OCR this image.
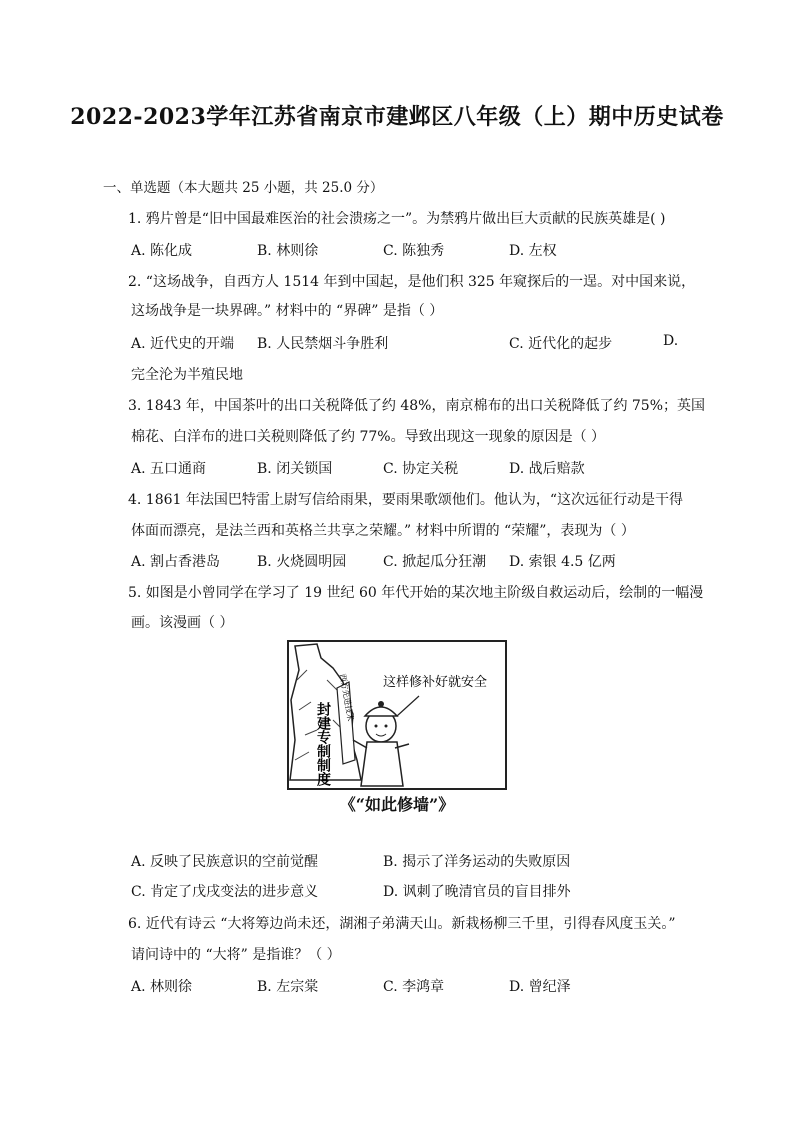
2022-2023学年江苏省南京市建邺区八年级（上）期中历史试卷
一、单选题（本大题共 25 小题，共 25.0 分）
1. 鸦片曾是“旧中国最难医治的社会溃疡之一”。为禁鸦片做出巨大贡献的民族英雄是( )
A. 陈化成	B. 林则徐	C. 陈独秀	D. 左权
2. “这场战争，自西方人 1514 年到中国起，是他们积 325 年窥探后的一逞。对中国来说，
这场战争是一块界碑。” 材料中的 “界碑” 是指（ ）
A. 近代史的开端 B. 人民禁烟斗争胜利	C. 近代化的起步	D.
完全沦为半殖民地
3. 1843 年，中国茶叶的出口关税降低了约 48%，南京棉布的出口关税降低了约 75%；英国
棉花、白洋布的进口关税则降低了约 77%。导致出现这一现象的原因是（ ）
A. 五口通商	B. 闭关锁国	C. 协定关税	D. 战后赔款
4. 1861 年法国巴特雷上尉写信给雨果，要雨果歌颂他们。他认为，“这次远征行动是干得
体面而漂亮，是法兰西和英格兰共享之荣耀。” 材料中所谓的 “荣耀”，表现为（ ）
A. 割占香港岛	B. 火烧圆明园	C. 掀起瓜分狂潮 D. 索银 4.5 亿两
5. 如图是小曾同学在学习了 19 世纪 60 年代开始的某次地主阶级自救运动后，绘制的一幅漫
画。该漫画（ ）
西方先进技术
封建专制制度
这样修补好就安全
《“如此修墙”》
A. 反映了民族意识的空前觉醒	B. 揭示了洋务运动的失败原因
C. 肯定了戊戌变法的进步意义	D. 讽刺了晚清官员的盲目排外
6. 近代有诗云 “大将筹边尚未还，湖湘子弟满天山。新栽杨柳三千里，引得春风度玉关。”
请问诗中的 “大将” 是指谁？（ ）
A. 林则徐	B. 左宗棠	C. 李鸿章	D. 曾纪泽
